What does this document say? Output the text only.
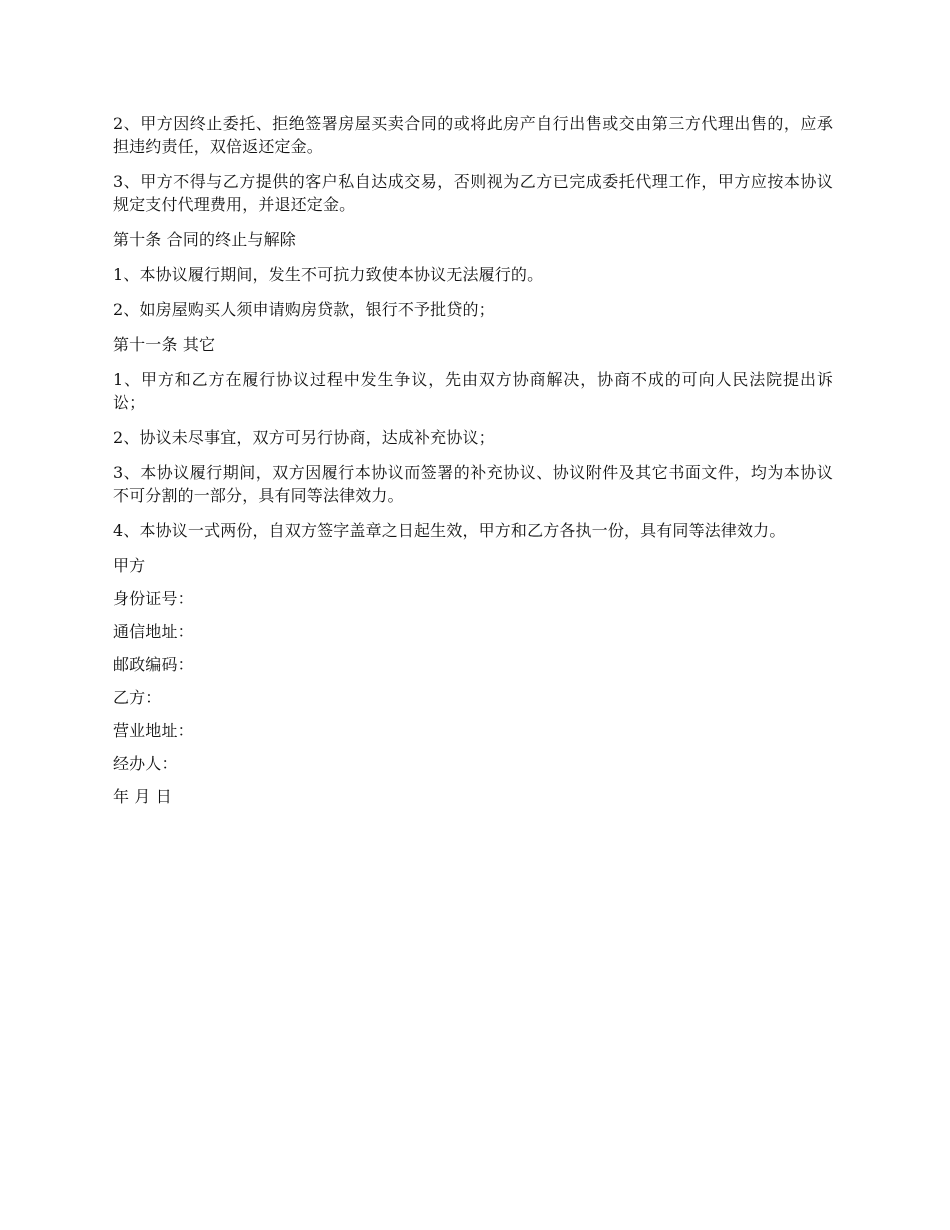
2、甲方因终止委托、拒绝签署房屋买卖合同的或将此房产自行出售或交由第三方代理出售的，应承担违约责任，双倍返还定金。

3、甲方不得与乙方提供的客户私自达成交易，否则视为乙方已完成委托代理工作，甲方应按本协议规定支付代理费用，并退还定金。

第十条 合同的终止与解除

1、本协议履行期间，发生不可抗力致使本协议无法履行的。

2、如房屋购买人须申请购房贷款，银行不予批贷的；

第十一条 其它

1、甲方和乙方在履行协议过程中发生争议，先由双方协商解决，协商不成的可向人民法院提出诉讼；

2、协议未尽事宜，双方可另行协商，达成补充协议；

3、本协议履行期间，双方因履行本协议而签署的补充协议、协议附件及其它书面文件，均为本协议不可分割的一部分，具有同等法律效力。

4、本协议一式两份，自双方签字盖章之日起生效，甲方和乙方各执一份，具有同等法律效力。

甲方

身份证号：

通信地址：

邮政编码：

乙方：

营业地址：

经办人：

年 月 日
